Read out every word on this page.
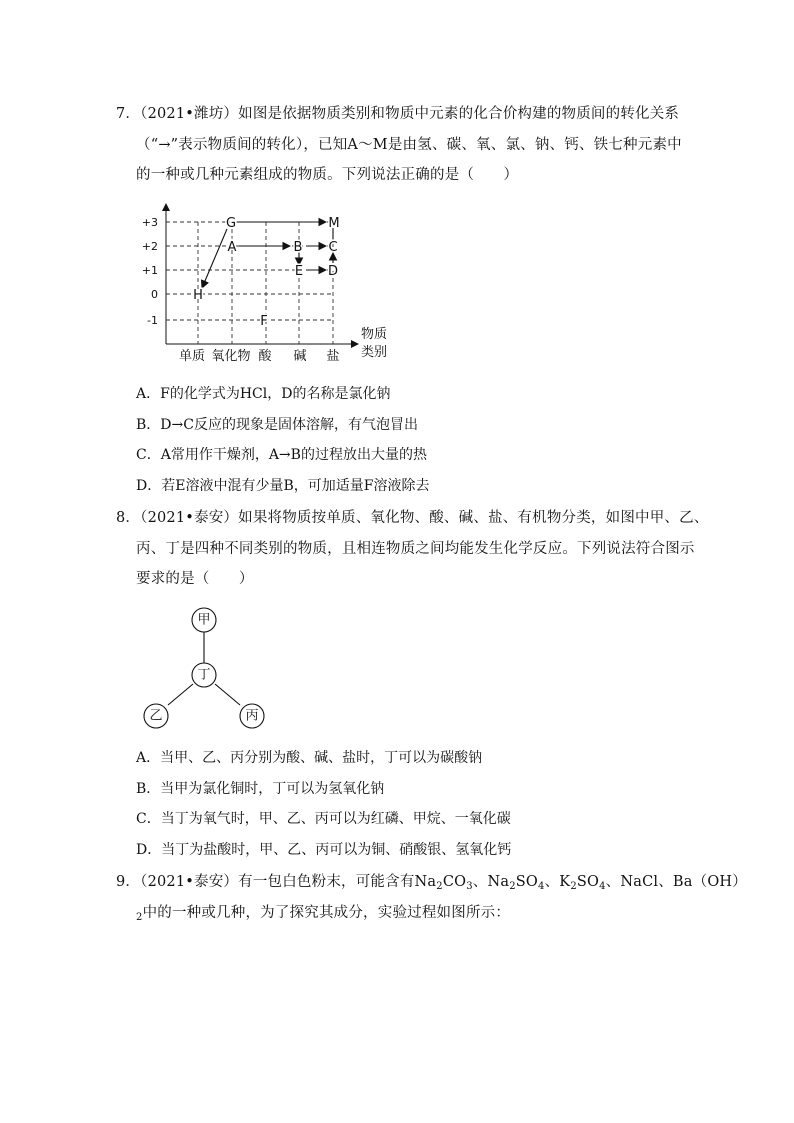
7．（2021•潍坊）如图是依据物质类别和物质中元素的化合价构建的物质间的转化关系
（“→”表示物质间的转化），已知A～M是由氢、碳、氧、氯、钠、钙、铁七种元素中
的一种或几种元素组成的物质。下列说法正确的是（　　）
+3
+2
+1
0
-1
单质 氧化物 酸 碱 盐
物质
类别
G	M
A	B C
E D
H
F
A．F的化学式为HCl，D的名称是氯化钠
B．D→C反应的现象是固体溶解，有气泡冒出
C．A常用作干燥剂，A→B的过程放出大量的热
D．若E溶液中混有少量B，可加适量F溶液除去
8．（2021•泰安）如果将物质按单质、氧化物、酸、碱、盐、有机物分类，如图中甲、乙、
丙、丁是四种不同类别的物质，且相连物质之间均能发生化学反应。下列说法符合图示
要求的是（　　）
甲
丁
乙	丙
A．当甲、乙、丙分别为酸、碱、盐时，丁可以为碳酸钠
B．当甲为氯化铜时，丁可以为氢氧化钠
C．当丁为氧气时，甲、乙、丙可以为红磷、甲烷、一氧化碳
D．当丁为盐酸时，甲、乙、丙可以为铜、硝酸银、氢氧化钙
9．（2021•泰安）有一包白色粉末，可能含有$Na_2CO_3$、$Na_2SO_4$、$K_2SO_4$、NaCl、Ba（OH）
$_2$中的一种或几种，为了探究其成分，实验过程如图所示：
